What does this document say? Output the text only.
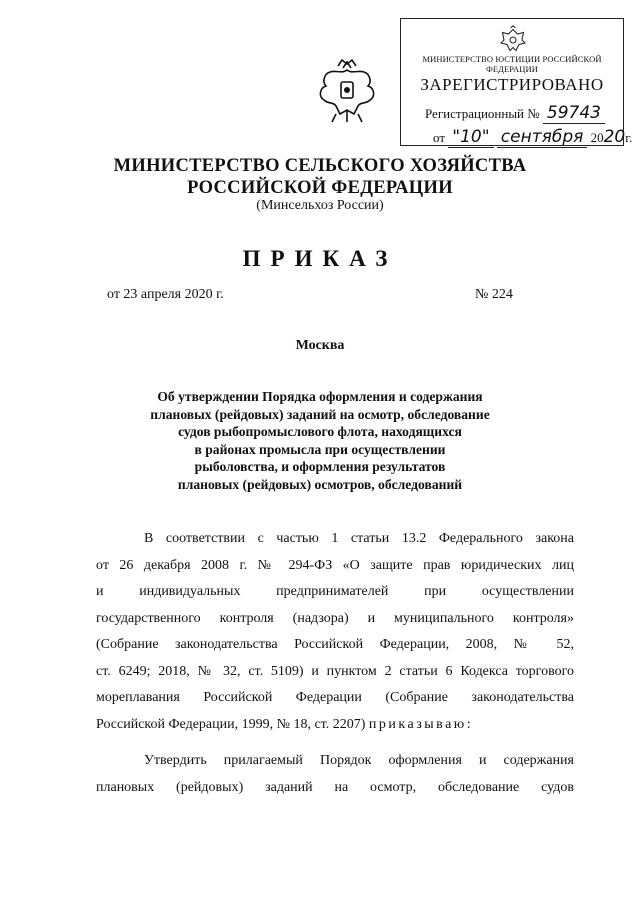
МИНИСТЕРСТВО ЮСТИЦИИ РОССИЙСКОЙ ФЕДЕРАЦИИ
ЗАРЕГИСТРИРОВАНО
Регистрационный № 59743
от "10" сентября 2020г.
МИНИСТЕРСТВО СЕЛЬСКОГО ХОЗЯЙСТВА
РОССИЙСКОЙ ФЕДЕРАЦИИ
(Минсельхоз России)
ПРИКАЗ
от 23 апреля 2020 г.	№ 224
Москва
Об утверждении Порядка оформления и содержания
плановых (рейдовых) заданий на осмотр, обследование
судов рыбопромыслового флота, находящихся
в районах промысла при осуществлении
рыболовства, и оформления результатов
плановых (рейдовых) осмотров, обследований
В соответствии с частью 1 статьи 13.2 Федерального закона
от 26 декабря 2008 г. № 294-ФЗ «О защите прав юридических лиц
и индивидуальных предпринимателей при осуществлении
государственного контроля (надзора) и муниципального контроля»
(Собрание законодательства Российской Федерации, 2008, № 52,
ст. 6249; 2018, № 32, ст. 5109) и пунктом 2 статьи 6 Кодекса торгового
мореплавания Российской Федерации (Собрание законодательства
Российской Федерации, 1999, № 18, ст. 2207) приказываю:
Утвердить прилагаемый Порядок оформления и содержания
плановых (рейдовых) заданий на осмотр, обследование судов
